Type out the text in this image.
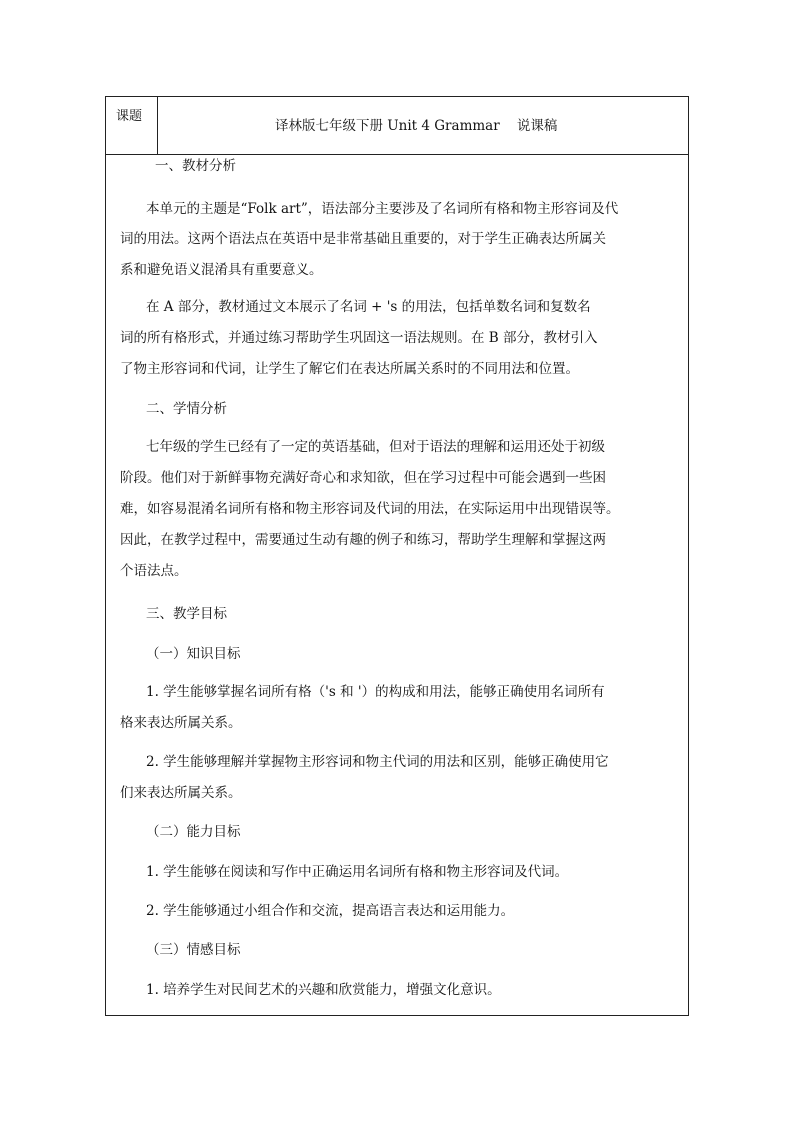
课题
译林版七年级下册 Unit 4 Grammar    说课稿
一、教材分析
本单元的主题是“Folk art”，语法部分主要涉及了名词所有格和物主形容词及代
词的用法。这两个语法点在英语中是非常基础且重要的，对于学生正确表达所属关
系和避免语义混淆具有重要意义。
在 A 部分，教材通过文本展示了名词 + 's 的用法，包括单数名词和复数名
词的所有格形式，并通过练习帮助学生巩固这一语法规则。在 B 部分，教材引入
了物主形容词和代词，让学生了解它们在表达所属关系时的不同用法和位置。
二、学情分析
七年级的学生已经有了一定的英语基础，但对于语法的理解和运用还处于初级
阶段。他们对于新鲜事物充满好奇心和求知欲，但在学习过程中可能会遇到一些困
难，如容易混淆名词所有格和物主形容词及代词的用法，在实际运用中出现错误等。
因此，在教学过程中，需要通过生动有趣的例子和练习，帮助学生理解和掌握这两
个语法点。
三、教学目标
（一）知识目标
1. 学生能够掌握名词所有格（'s 和 '）的构成和用法，能够正确使用名词所有
格来表达所属关系。
2. 学生能够理解并掌握物主形容词和物主代词的用法和区别，能够正确使用它
们来表达所属关系。
（二）能力目标
1. 学生能够在阅读和写作中正确运用名词所有格和物主形容词及代词。
2. 学生能够通过小组合作和交流，提高语言表达和运用能力。
（三）情感目标
1. 培养学生对民间艺术的兴趣和欣赏能力，增强文化意识。
